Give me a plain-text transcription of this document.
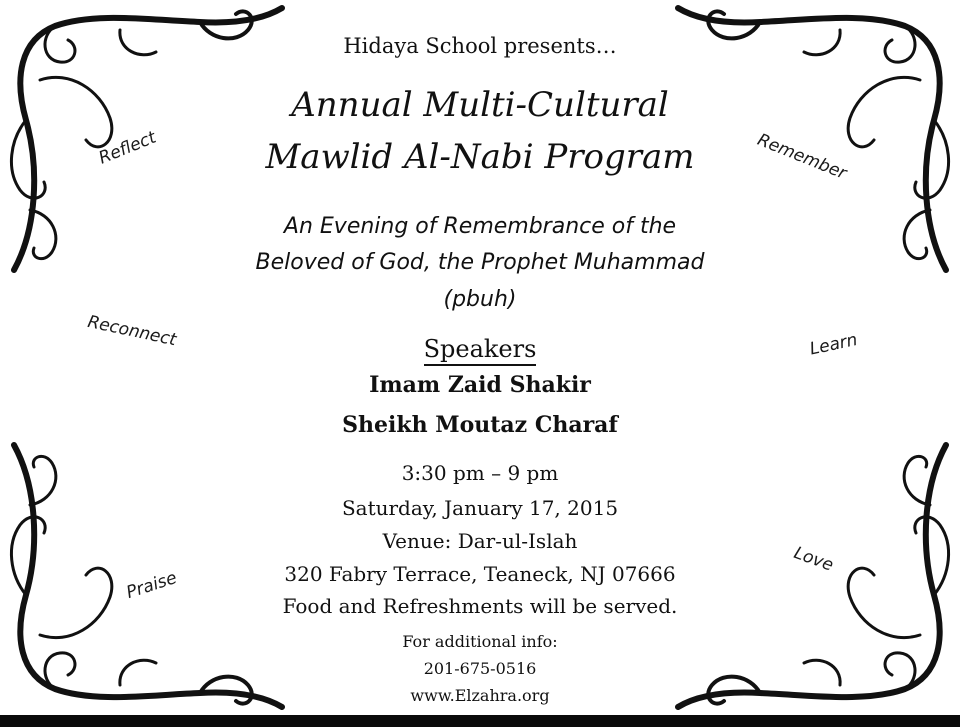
Hidaya School presents…
Annual Multi-Cultural
Mawlid Al-Nabi Program
An Evening of Remembrance of the
Beloved of God, the Prophet Muhammad
(pbuh)
Speakers
Imam Zaid Shakir
Sheikh Moutaz Charaf
3:30 pm – 9 pm
Saturday, January 17, 2015
Venue: Dar-ul-Islah
320 Fabry Terrace, Teaneck, NJ 07666
Food and Refreshments will be served.
For additional info:
201-675-0516
www.Elzahra.org
Reflect	Remember
Reconnect	Learn
Praise
Love
